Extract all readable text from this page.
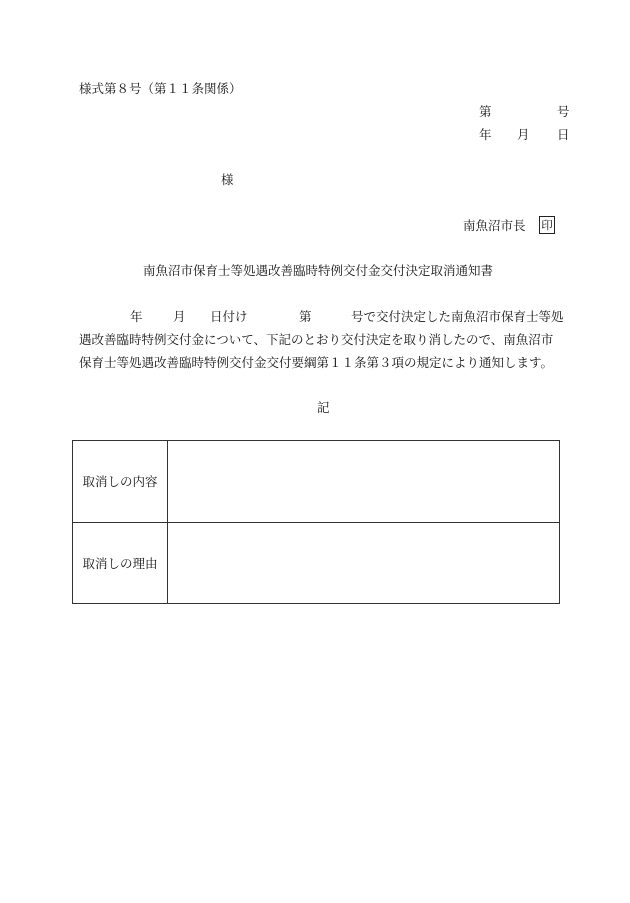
様式第８号（第１１条関係）
第	号
年 月 日
様
南魚沼市長 印
南魚沼市保育士等処遇改善臨時特例交付金交付決定取消通知書
年 月 日付け	第	号で交付決定した南魚沼市保育士等処
遇改善臨時特例交付金について、下記のとおり交付決定を取り消したので、南魚沼市
保育士等処遇改善臨時特例交付金交付要綱第１１条第３項の規定により通知します。
記
取消しの内容
取消しの理由
